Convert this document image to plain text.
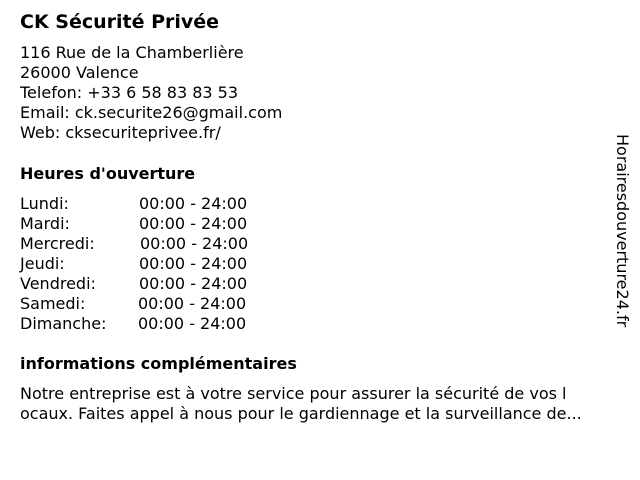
CK Sécurité Privée
116 Rue de la Chamberlière
26000 Valence
Telefon: +33 6 58 83 83 53
Email: ck.securite26@gmail.com
Web: cksecuriteprivee.fr/
Heures d'ouverture
Lundi:	00:00 - 24:00
Mardi:	00:00 - 24:00
Mercredi:	00:00 - 24:00
Jeudi:	00:00 - 24:00
Vendredi:	00:00 - 24:00
Samedi:	00:00 - 24:00
Dimanche: 00:00 - 24:00
informations complémentaires
Notre entreprise est à votre service pour assurer la sécurité de vos l
ocaux. Faites appel à nous pour le gardiennage et la surveillance de...
Horairesdouverture24.fr
